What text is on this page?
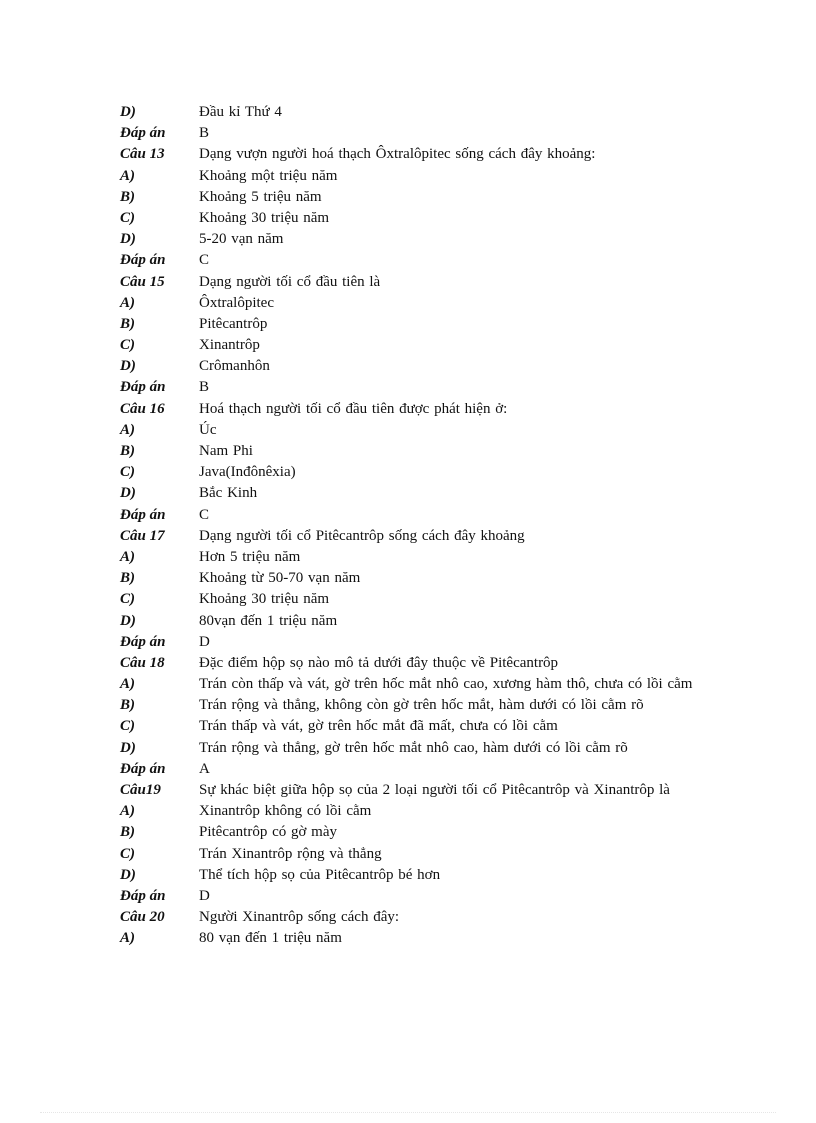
D)	Đầu kỉ Thứ 4
Đáp án	B
Câu 13	Dạng vượn người hoá thạch Ôxtralôpitec sống cách đây khoảng:
A)	Khoảng một triệu năm
B)	Khoảng 5 triệu năm
C)	Khoảng 30 triệu năm
D)	5-20 vạn năm
Đáp án	C
Câu 15	Dạng người tối cổ đầu tiên là
A)	Ôxtralôpitec
B)	Pitêcantrôp
C)	Xinantrôp
D)	Crômanhôn
Đáp án	B
Câu 16	Hoá thạch người tối cổ đầu tiên được phát hiện ở:
A)	Úc
B)	Nam Phi
C)	Java(Inđônêxia)
D)	Bắc Kinh
Đáp án	C
Câu 17	Dạng người tối cổ Pitêcantrôp sống cách đây khoảng
A)	Hơn 5 triệu năm
B)	Khoảng từ 50-70 vạn năm
C)	Khoảng 30 triệu năm
D)	80vạn đến 1 triệu năm
Đáp án	D
Câu 18	Đặc điểm hộp sọ nào mô tả dưới đây thuộc về Pitêcantrôp
A)	Trán còn thấp và vát, gờ trên hốc mắt nhô cao, xương hàm thô, chưa có lồi cằm
B)	Trán rộng và thẳng, không còn gờ trên hốc mắt, hàm dưới có lồi cằm rõ
C)	Trán thấp và vát, gờ trên hốc mắt đã mất, chưa có lồi cằm
D)	Trán rộng và thẳng, gờ trên hốc mắt nhô cao, hàm dưới có lồi cằm rõ
Đáp án	A
Câu19	Sự khác biệt giữa hộp sọ của 2 loại người tối cổ Pitêcantrôp và Xinantrôp là
A)	Xinantrôp không có lồi cằm
B)	Pitêcantrôp có gờ mày
C)	Trán Xinantrôp rộng và thẳng
D)	Thể tích hộp sọ của Pitêcantrôp bé hơn
Đáp án	D
Câu 20	Người Xinantrôp sống cách đây:
A)	80 vạn đến 1 triệu năm
